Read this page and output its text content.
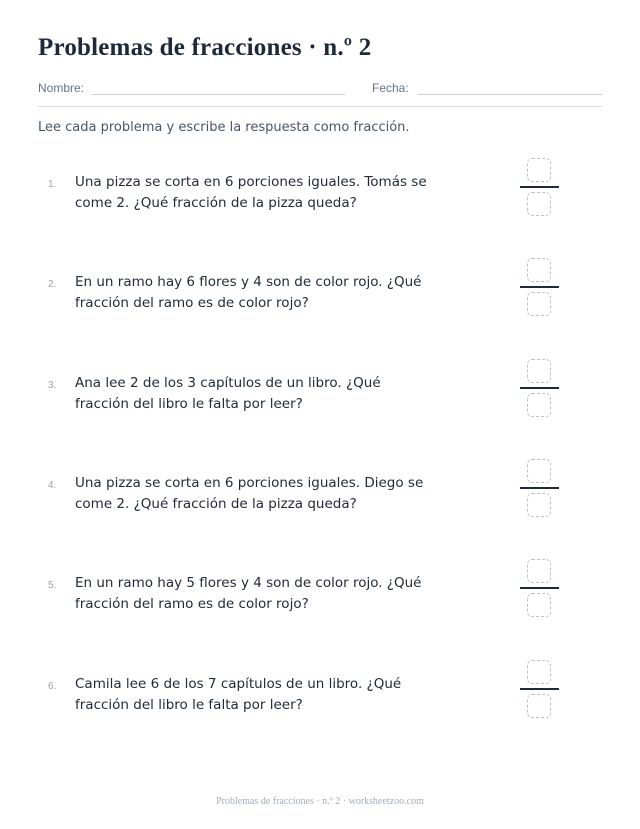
Problemas de fracciones · n.º 2
Nombre:	Fecha:
Lee cada problema y escribe la respuesta como fracción.
1.	Una pizza se corta en 6 porciones iguales. Tomás se come 2. ¿Qué fracción de la pizza queda?
2.	En un ramo hay 6 flores y 4 son de color rojo. ¿Qué fracción del ramo es de color rojo?
3.	Ana lee 2 de los 3 capítulos de un libro. ¿Qué fracción del libro le falta por leer?
4.	Una pizza se corta en 6 porciones iguales. Diego se come 2. ¿Qué fracción de la pizza queda?
5.	En un ramo hay 5 flores y 4 son de color rojo. ¿Qué fracción del ramo es de color rojo?
6.	Camila lee 6 de los 7 capítulos de un libro. ¿Qué fracción del libro le falta por leer?
Problemas de fracciones · n.º 2 · worksheetzoo.com
